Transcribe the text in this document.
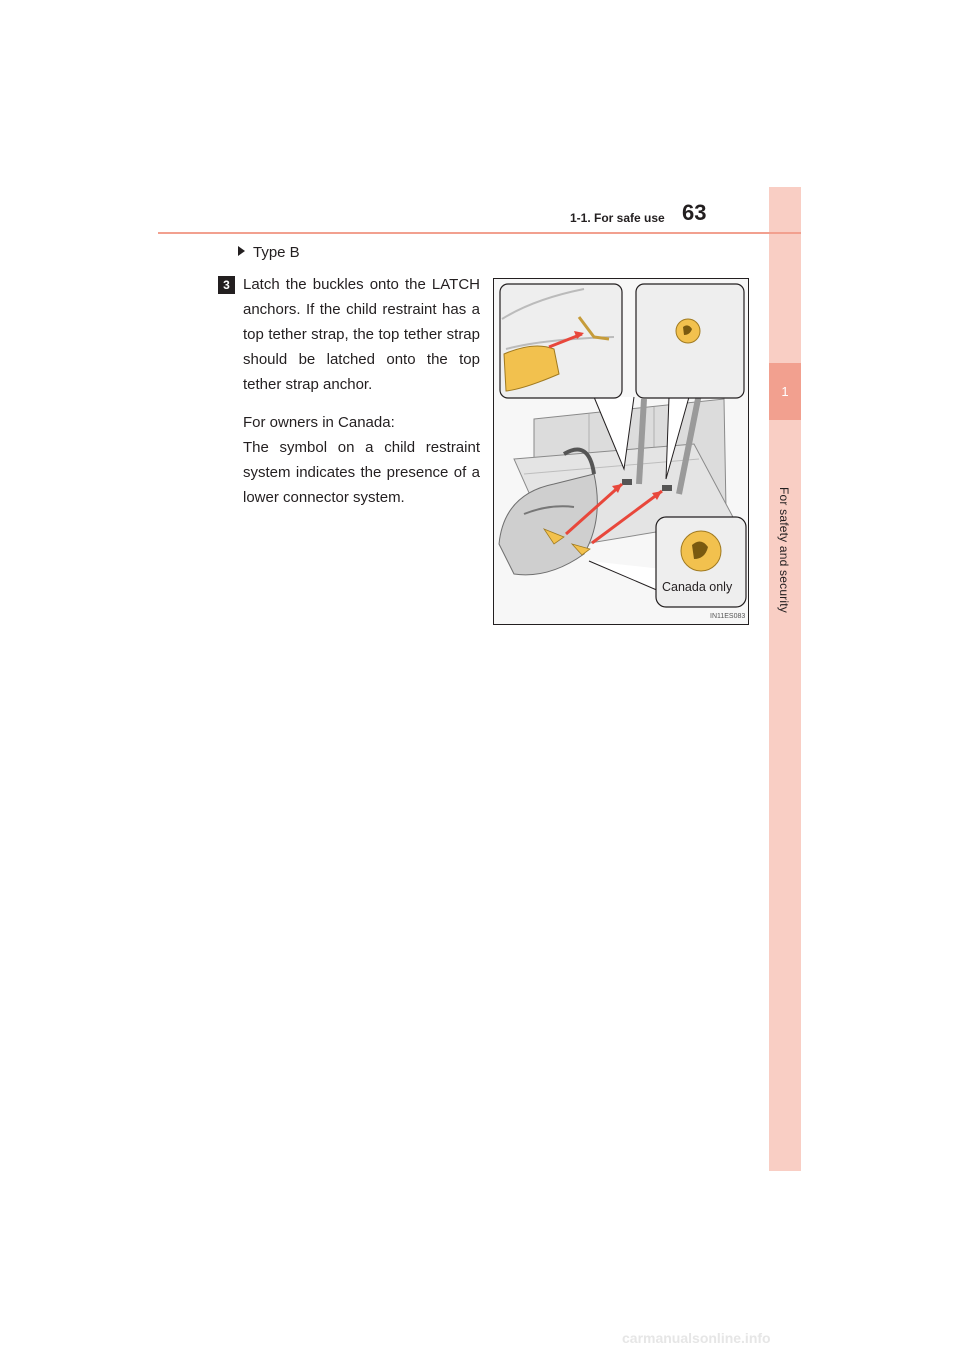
1
For safety and security
1-1. For safe use 63
Type B
3 Latch the buckles onto the LATCH anchors. If the child restraint has a top tether strap, the top tether strap should be latched onto the top tether strap anchor.

For owners in Canada:
The symbol on a child restraint system indicates the presence of a lower connector system.

Canada only
IN11ES083
carmanualsonline.info
